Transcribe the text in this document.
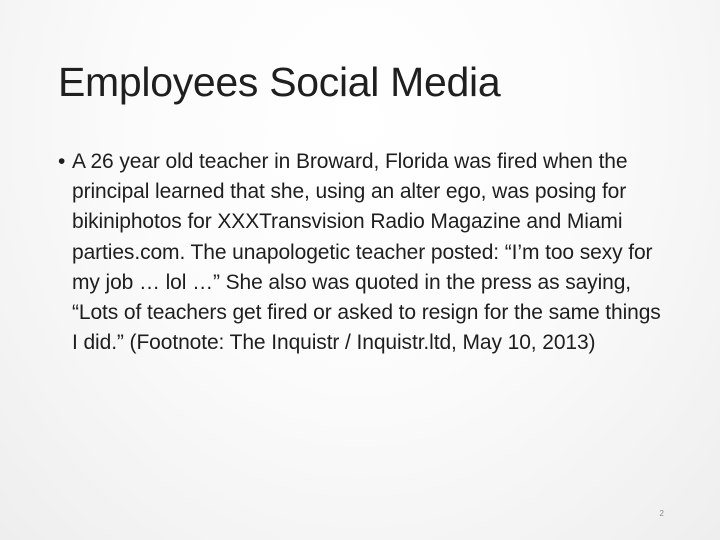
Employees Social Media
• A 26 year old teacher in Broward, Florida was fired when the principal learned that she, using an alter ego, was posing for bikiniphotos for XXXTransvision Radio Magazine and Miami parties.com. The unapologetic teacher posted: “I’m too sexy for my job … lol …” She also was quoted in the press as saying, “Lots of teachers get fired or asked to resign for the same things I did.” (Footnote: The Inquistr / Inquistr.ltd, May 10, 2013)
2
